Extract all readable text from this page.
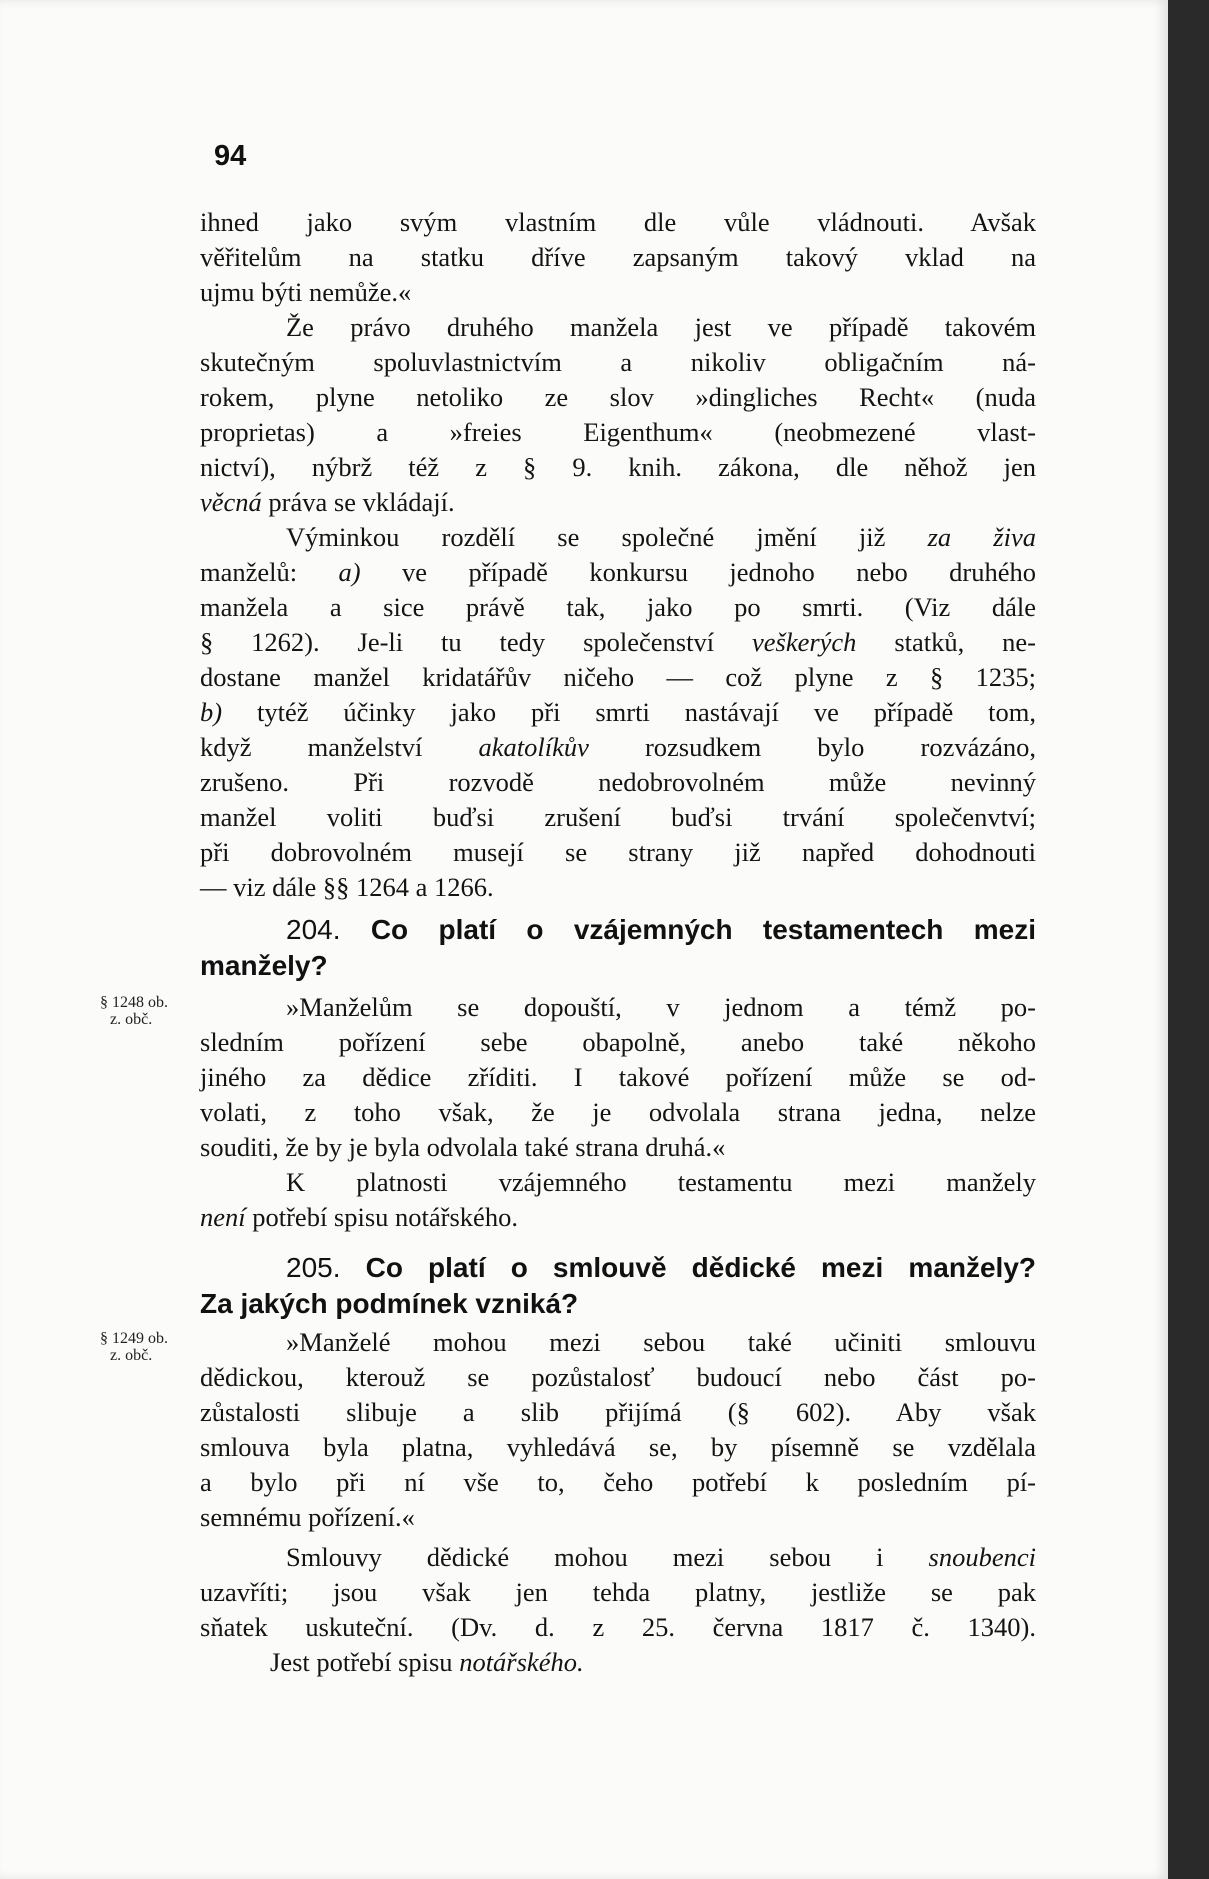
94
ihned jako svým vlastním dle vůle vládnouti. Avšak
věřitelům na statku dříve zapsaným takový vklad na
ujmu býti nemůže.«
Že právo druhého manžela jest ve případě takovém
skutečným spoluvlastnictvím a nikoliv obligačním ná-
rokem, plyne netoliko ze slov »dingliches Recht« (nuda
proprietas) a »freies Eigenthum« (neobmezené vlast-
nictví), nýbrž též z § 9. knih. zákona, dle něhož jen
věcná práva se vkládají.
Výminkou rozdělí se společné jmění již za živa
manželů: a) ve případě konkursu jednoho nebo druhého
manžela a sice právě tak, jako po smrti. (Viz dále
§ 1262). Je-li tu tedy společenství veškerých statků, ne-
dostane manžel kridatářův ničeho — což plyne z § 1235;
b) tytéž účinky jako při smrti nastávají ve případě tom,
když manželství akatolíkův rozsudkem bylo rozvázáno,
zrušeno. Při rozvodě nedobrovolném může nevinný
manžel voliti buďsi zrušení buďsi trvání společenvtví;
při dobrovolném musejí se strany již napřed dohodnouti
— viz dále §§ 1264 a 1266.
204. Co platí o vzájemných testamentech mezi
manžely?
§ 1248 ob.
z. obč.	»Manželům se dopouští, v jednom a témž po-
sledním pořízení sebe obapolně, anebo také někoho
jiného za dědice zříditi. I takové pořízení může se od-
volati, z toho však, že je odvolala strana jedna, nelze
souditi, že by je byla odvolala také strana druhá.«
K platnosti vzájemného testamentu mezi manžely
není potřebí spisu notářského.
205. Co platí o smlouvě dědické mezi manžely?
Za jakých podmínek vzniká?
§ 1249 ob.
z. obč.	»Manželé mohou mezi sebou také učiniti smlouvu
dědickou, kterouž se pozůstalosť budoucí nebo část po-
zůstalosti slibuje a slib přijímá (§ 602). Aby však
smlouva byla platna, vyhledává se, by písemně se vzdělala
a bylo při ní vše to, čeho potřebí k posledním pí-
semnému pořízení.«
Smlouvy dědické mohou mezi sebou i snoubenci
uzavříti; jsou však jen tehda platny, jestliže se pak
sňatek uskuteční. (Dv. d. z 25. června 1817 č. 1340).
Jest potřebí spisu notářského.
